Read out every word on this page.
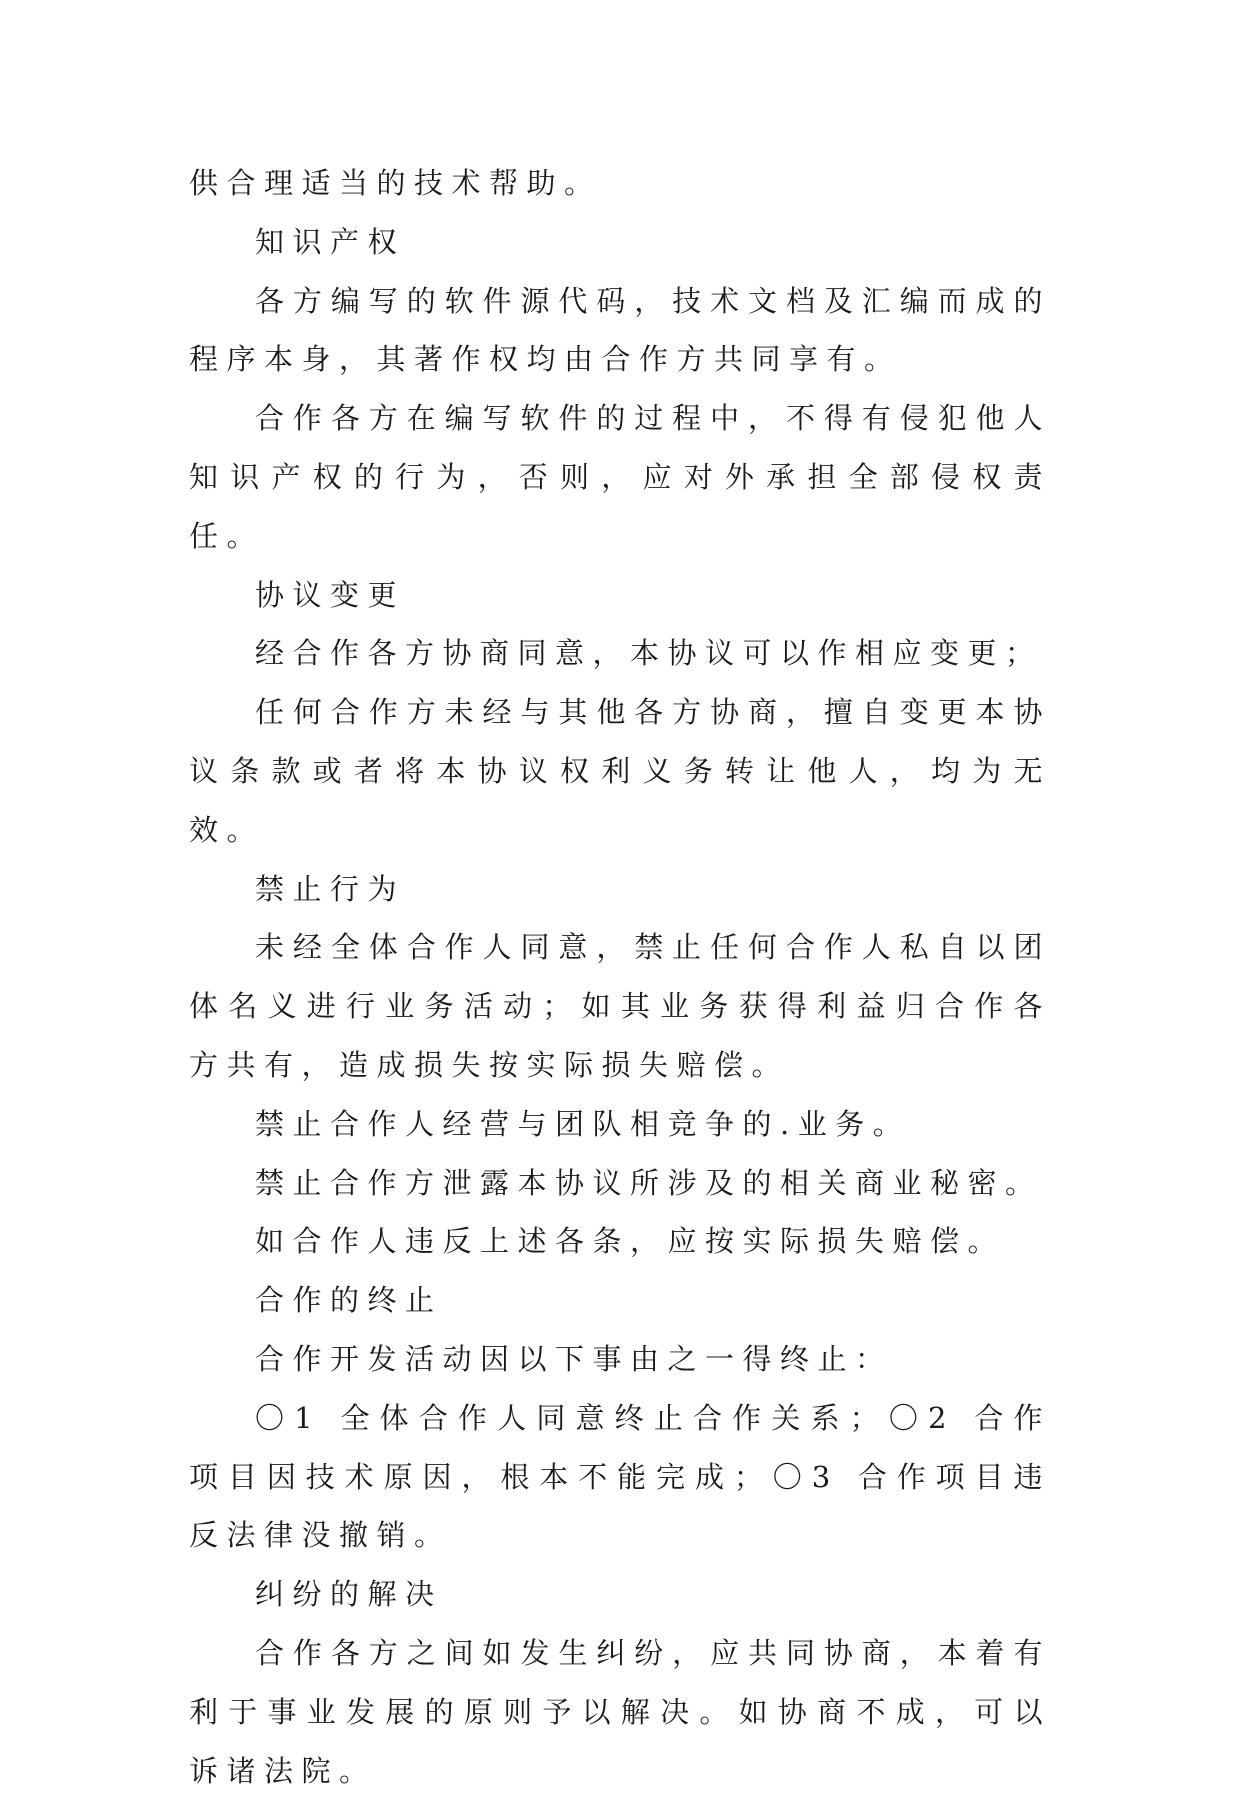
供合理适当的技术帮助。

知识产权

各方编写的软件源代码，技术文档及汇编而成的程序本身，其著作权均由合作方共同享有。

合作各方在编写软件的过程中，不得有侵犯他人知识产权的行为，否则，应对外承担全部侵权责任。

协议变更

经合作各方协商同意，本协议可以作相应变更；

任何合作方未经与其他各方协商，擅自变更本协议条款或者将本协议权利义务转让他人，均为无效。

禁止行为

未经全体合作人同意，禁止任何合作人私自以团体名义进行业务活动；如其业务获得利益归合作各方共有，造成损失按实际损失赔偿。

禁止合作人经营与团队相竞争的.业务。

禁止合作方泄露本协议所涉及的相关商业秘密。

如合作人违反上述各条，应按实际损失赔偿。

合作的终止

合作开发活动因以下事由之一得终止：

〇1 全体合作人同意终止合作关系；〇2 合作项目因技术原因，根本不能完成；〇3 合作项目违反法律没撤销。

纠纷的解决

合作各方之间如发生纠纷，应共同协商，本着有利于事业发展的原则予以解决。如协商不成，可以诉诸法院。
